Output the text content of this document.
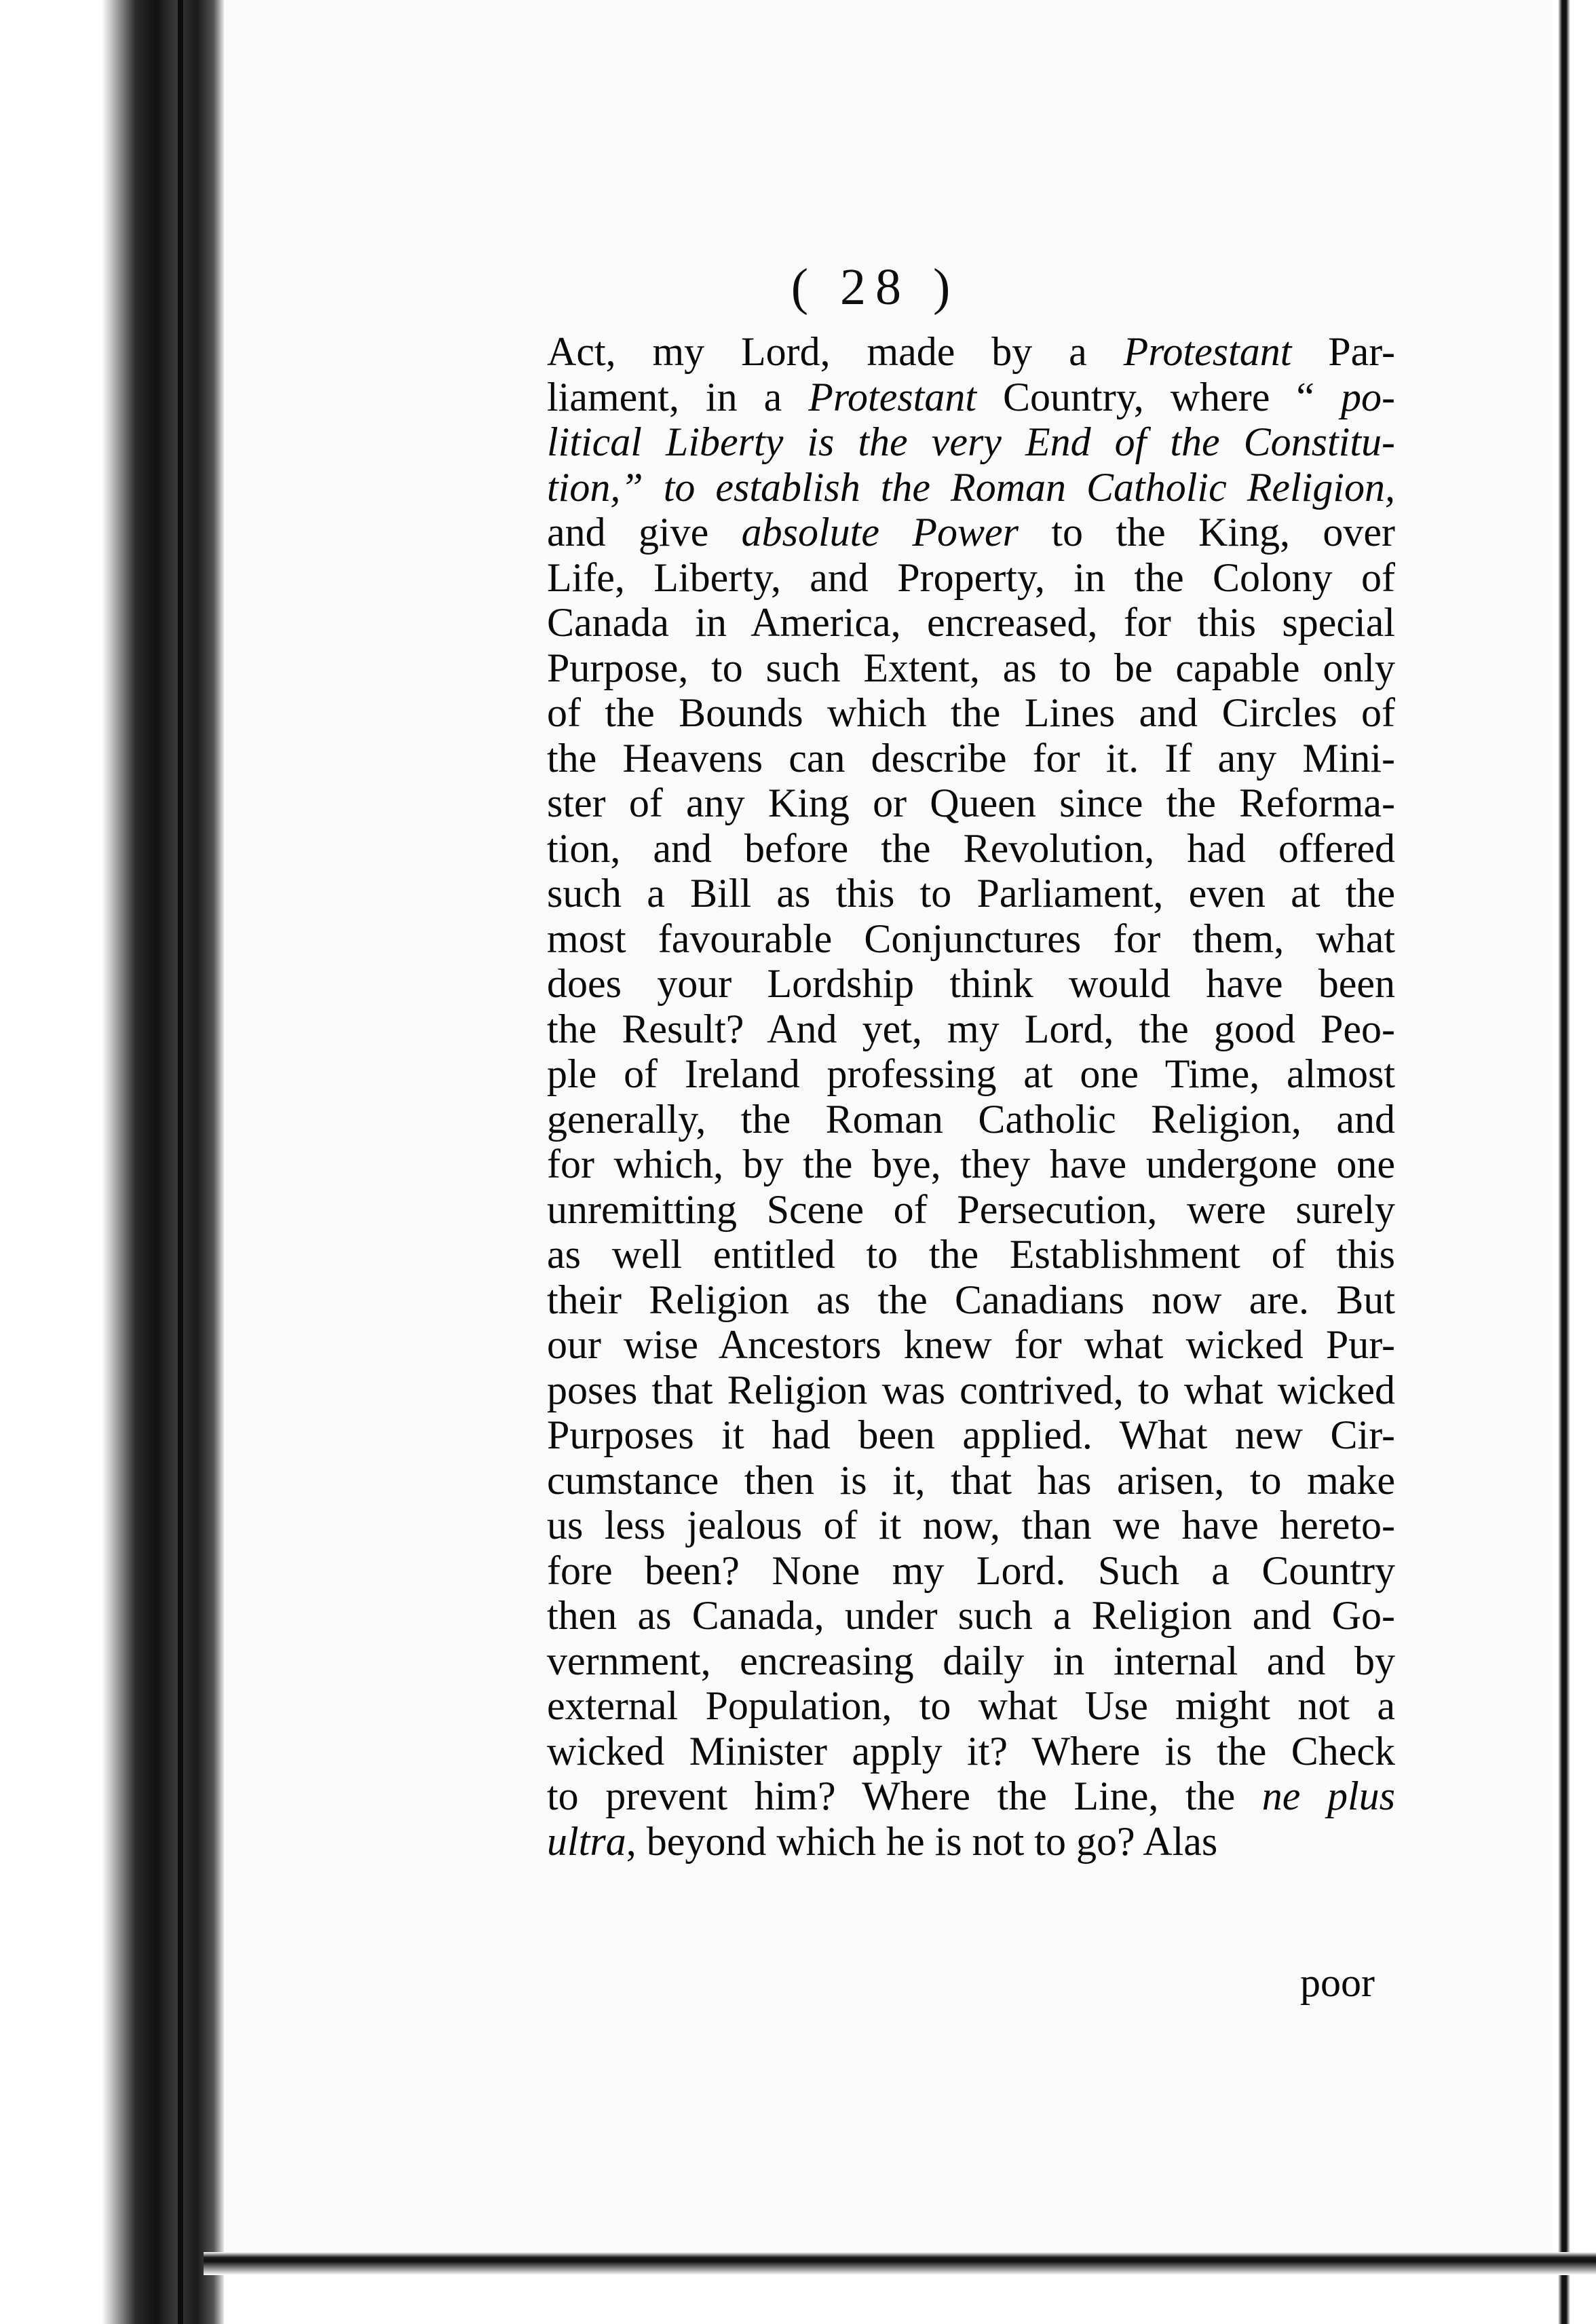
( 28 )
Act, my Lord, made by a Protestant Par-
liament, in a Protestant Country, where “ po-
litical Liberty is the very End of the Constitu-
tion,” to establish the Roman Catholic Religion,
and give absolute Power to the King, over
Life, Liberty, and Property, in the Colony of
Canada in America, encreased, for this special
Purpose, to such Extent, as to be capable only
of the Bounds which the Lines and Circles of
the Heavens can describe for it. If any Mini-
ster of any King or Queen since the Reforma-
tion, and before the Revolution, had offered
such a Bill as this to Parliament, even at the
most favourable Conjunctures for them, what
does your Lordship think would have been
the Result? And yet, my Lord, the good Peo-
ple of Ireland professing at one Time, almost
generally, the Roman Catholic Religion, and
for which, by the bye, they have undergone one
unremitting Scene of Persecution, were surely
as well entitled to the Establishment of this
their Religion as the Canadians now are. But
our wise Ancestors knew for what wicked Pur-
poses that Religion was contrived, to what wicked
Purposes it had been applied. What new Cir-
cumstance then is it, that has arisen, to make
us less jealous of it now, than we have hereto-
fore been? None my Lord. Such a Country
then as Canada, under such a Religion and Go-
vernment, encreasing daily in internal and by
external Population, to what Use might not a
wicked Minister apply it? Where is the Check
to prevent him? Where the Line, the ne plus
ultra, beyond which he is not to go? Alas
poor
